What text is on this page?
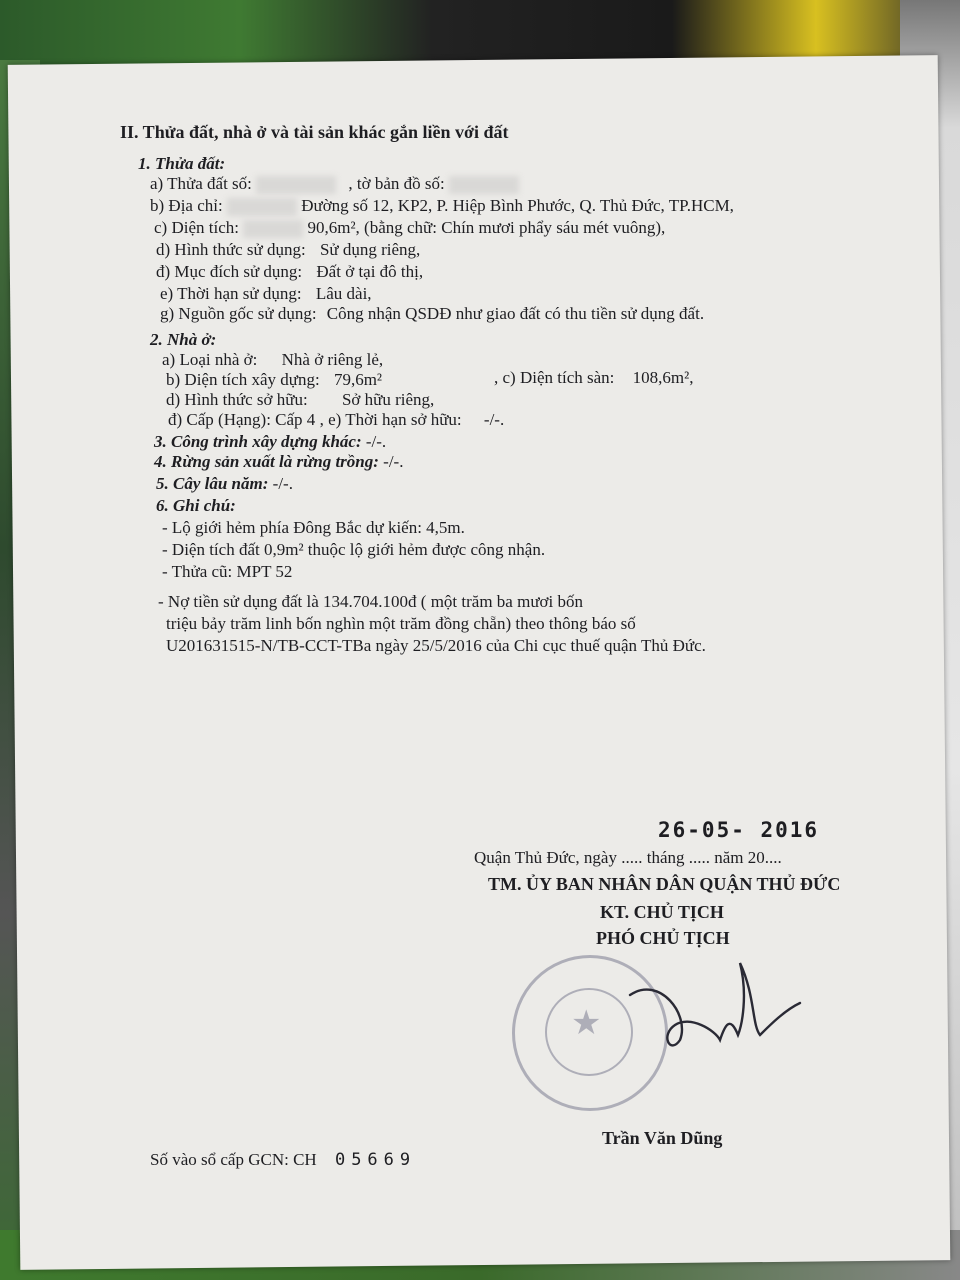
II. Thửa đất, nhà ở và tài sản khác gắn liền với đất
1. Thửa đất:
a) Thửa đất số:	, tờ bản đồ số:
b) Địa chỉ:	Đường số 12, KP2, P. Hiệp Bình Phước, Q. Thủ Đức, TP.HCM,
c) Diện tích:	90,6m², (bằng chữ: Chín mươi phẩy sáu mét vuông),
d) Hình thức sử dụng: Sử dụng riêng,
đ) Mục đích sử dụng: Đất ở tại đô thị,
e) Thời hạn sử dụng: Lâu dài,
g) Nguồn gốc sử dụng: Công nhận QSDĐ như giao đất có thu tiền sử dụng đất.
2. Nhà ở:
a) Loại nhà ở: Nhà ở riêng lẻ,
b) Diện tích xây dựng: 79,6m²	, c) Diện tích sàn: 108,6m²,
d) Hình thức sở hữu: Sở hữu riêng,
đ) Cấp (Hạng): Cấp 4 , e) Thời hạn sở hữu: -/-.
3. Công trình xây dựng khác: -/-.
4. Rừng sản xuất là rừng trồng: -/-.
5. Cây lâu năm: -/-.
6. Ghi chú:
- Lộ giới hẻm phía Đông Bắc dự kiến: 4,5m.
- Diện tích đất 0,9m² thuộc lộ giới hẻm được công nhận.
- Thửa cũ: MPT 52
- Nợ tiền sử dụng đất là 134.704.100đ ( một trăm ba mươi bốn
triệu bảy trăm linh bốn nghìn một trăm đồng chẵn) theo thông báo số
U201631515-N/TB-CCT-TBa ngày 25/5/2016 của Chi cục thuế quận Thủ Đức.
26-05- 2016
Quận Thủ Đức, ngày ..... tháng ..... năm 20....
TM. ỦY BAN NHÂN DÂN QUẬN THỦ ĐỨC
KT. CHỦ TỊCH
PHÓ CHỦ TỊCH
★
Trần Văn Dũng
Số vào sổ cấp GCN: CH 05669
